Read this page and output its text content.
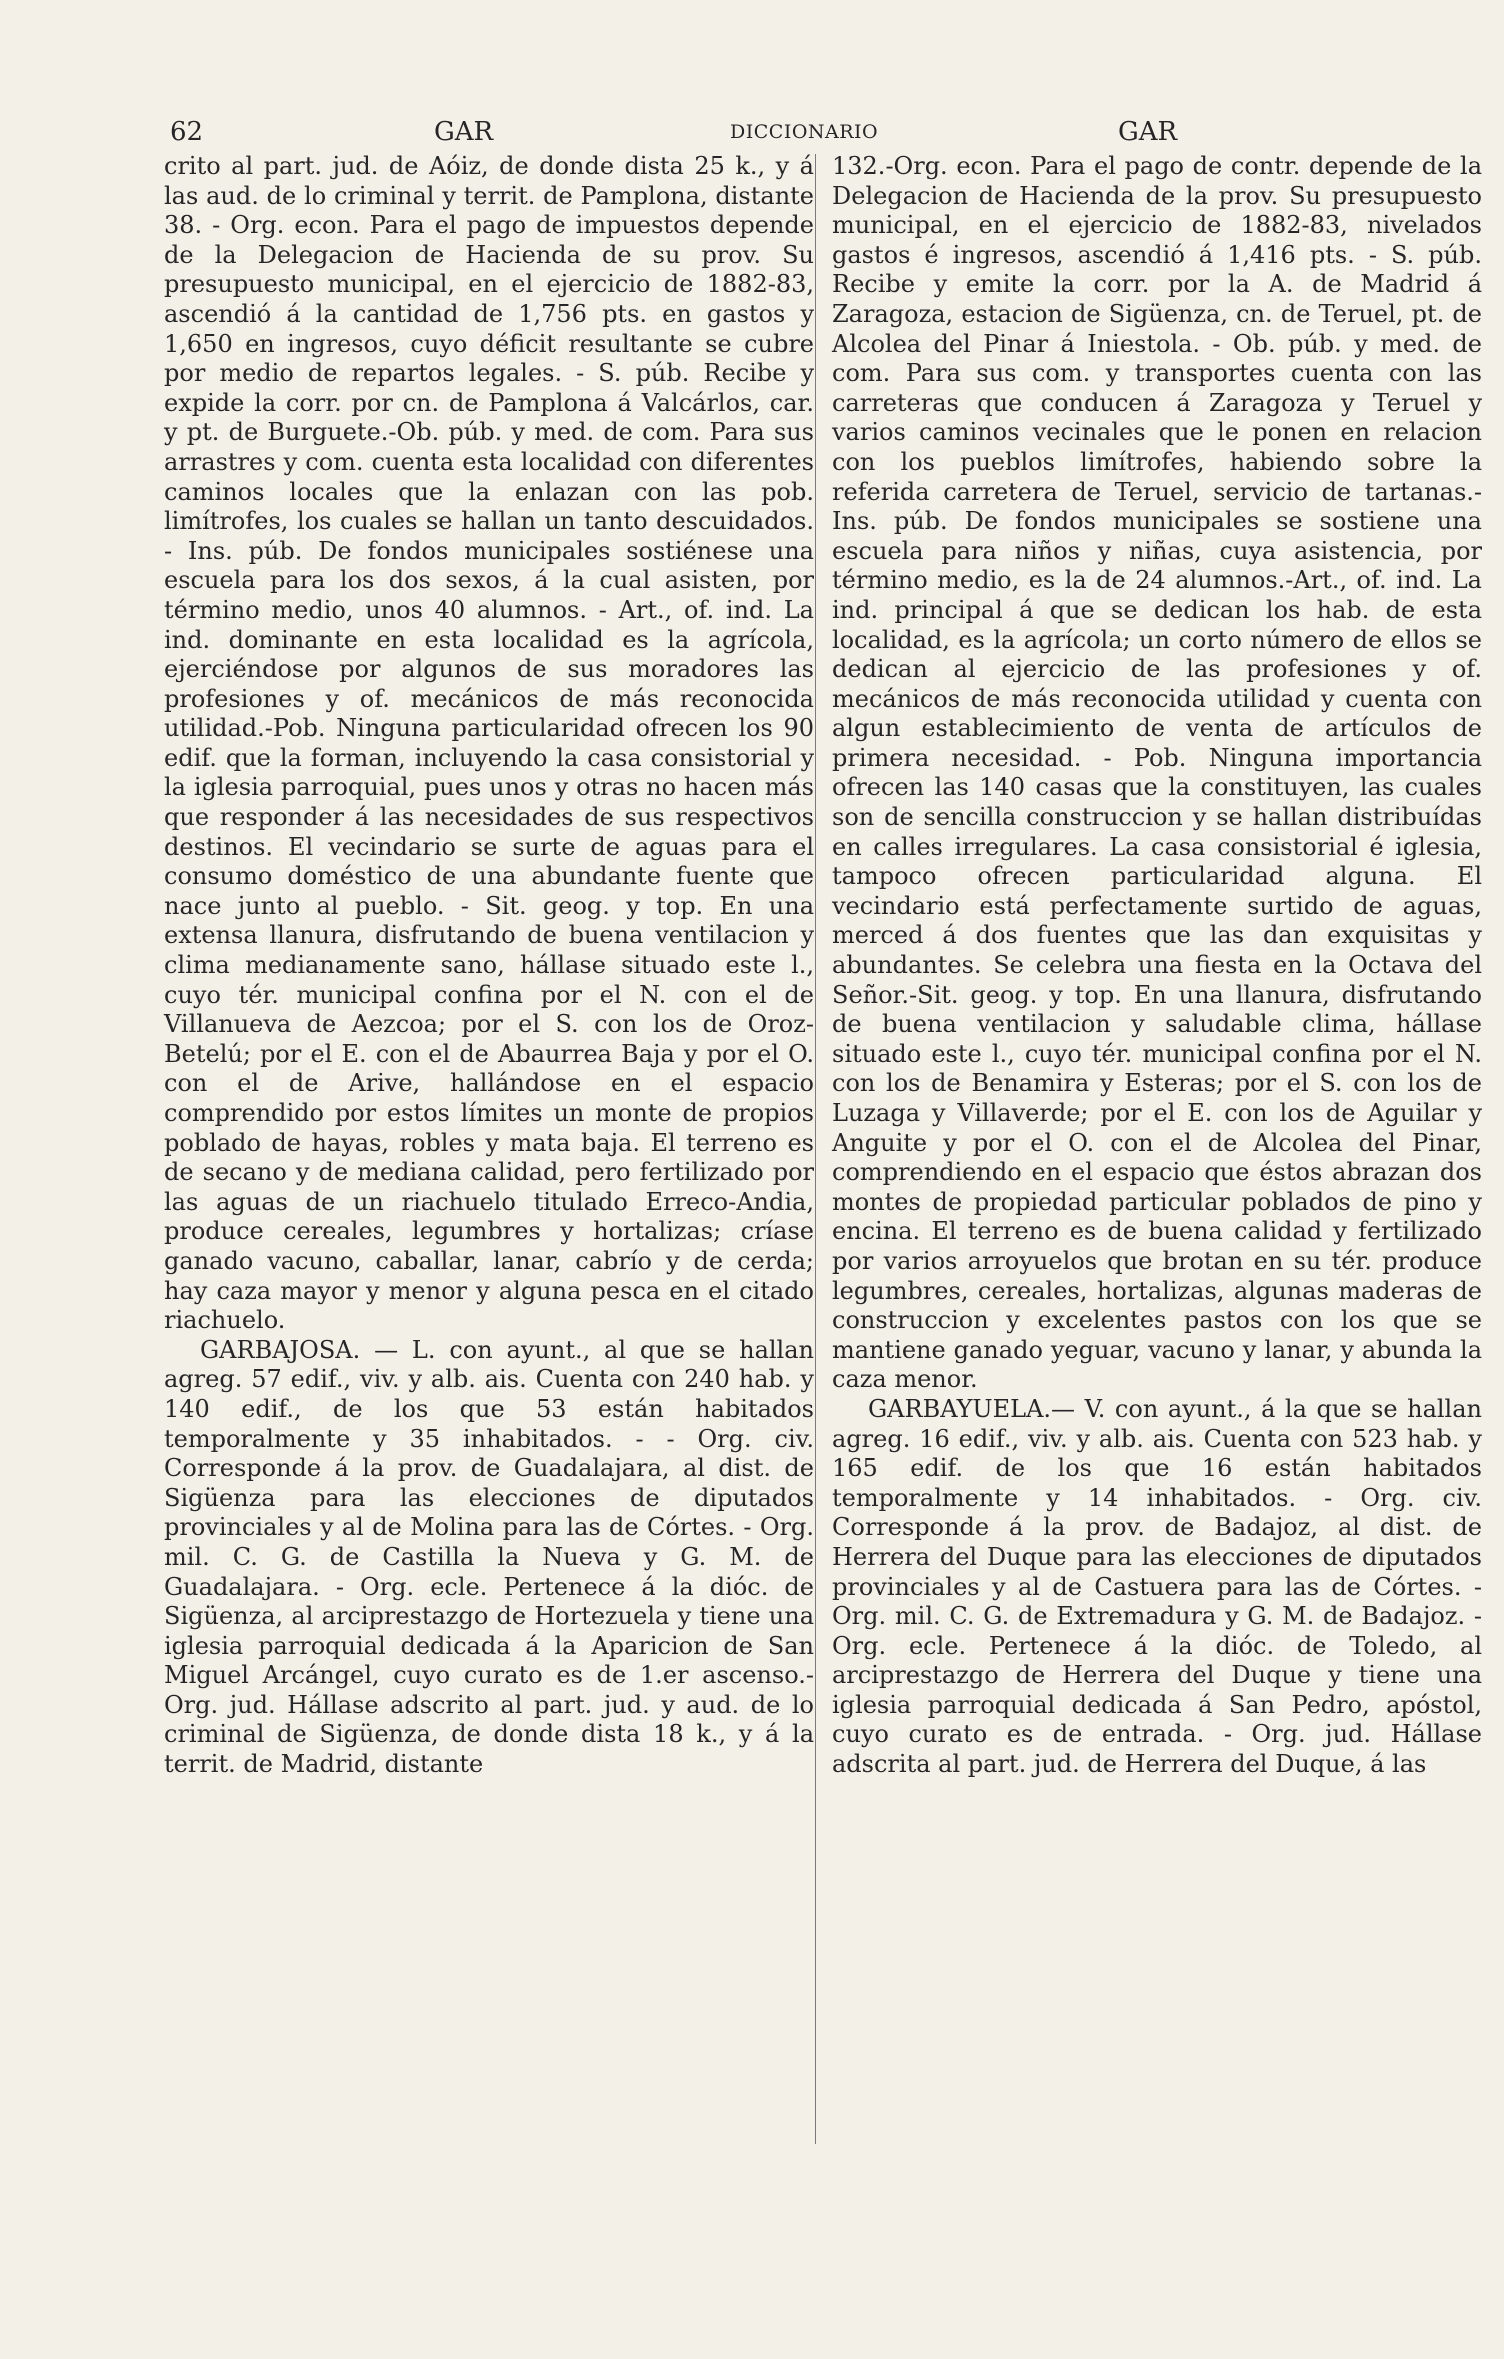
62	GAR	DICCIONARIO	GAR

crito al part. jud. de Aóiz, de donde dista 25 k., y á las aud. de lo criminal y territ. de Pamplona, distante 38. - Org. econ. Para el pago de impuestos depende de la Delegacion de Hacienda de su prov. Su presupuesto municipal, en el ejercicio de 1882-83, ascendió á la cantidad de 1,756 pts. en gastos y 1,650 en ingresos, cuyo déficit resultante se cubre por medio de repartos legales. - S. púb. Recibe y expide la corr. por cn. de Pamplona á Valcárlos, car. y pt. de Burguete.-Ob. púb. y med. de com. Para sus arrastres y com. cuenta esta localidad con diferentes caminos locales que la enlazan con las pob. limítrofes, los cuales se hallan un tanto descuidados. - Ins. púb. De fondos municipales sostiénese una escuela para los dos sexos, á la cual asisten, por término medio, unos 40 alumnos. - Art., of. ind. La ind. dominante en esta localidad es la agrícola, ejerciéndose por algunos de sus moradores las profesiones y of. mecánicos de más reconocida utilidad.-Pob. Ninguna particularidad ofrecen los 90 edif. que la forman, incluyendo la casa consistorial y la iglesia parroquial, pues unos y otras no hacen más que responder á las necesidades de sus respectivos destinos. El vecindario se surte de aguas para el consumo doméstico de una abundante fuente que nace junto al pueblo. - Sit. geog. y top. En una extensa llanura, disfrutando de buena ventilacion y clima medianamente sano, hállase situado este l., cuyo tér. municipal confina por el N. con el de Villanueva de Aezcoa; por el S. con los de Oroz-Betelú; por el E. con el de Abaurrea Baja y por el O. con el de Arive, hallándose en el espacio comprendido por estos límites un monte de propios poblado de hayas, robles y mata baja. El terreno es de secano y de mediana calidad, pero fertilizado por las aguas de un riachuelo titulado Erreco-Andia, produce cereales, legumbres y hortalizas; críase ganado vacuno, caballar, lanar, cabrío y de cerda; hay caza mayor y menor y alguna pesca en el citado riachuelo.

GARBAJOSA. — L. con ayunt., al que se hallan agreg. 57 edif., viv. y alb. ais. Cuenta con 240 hab. y 140 edif., de los que 53 están habitados temporalmente y 35 inhabitados. - - Org. civ. Corresponde á la prov. de Guadalajara, al dist. de Sigüenza para las elecciones de diputados provinciales y al de Molina para las de Córtes. - Org. mil. C. G. de Castilla la Nueva y G. M. de Guadalajara. - Org. ecle. Pertenece á la dióc. de Sigüenza, al arciprestazgo de Hortezuela y tiene una iglesia parroquial dedicada á la Aparicion de San Miguel Arcángel, cuyo curato es de 1.er ascenso.-Org. jud. Hállase adscrito al part. jud. y aud. de lo criminal de Sigüenza, de donde dista 18 k., y á la territ. de Madrid, distante

132.-Org. econ. Para el pago de contr. depende de la Delegacion de Hacienda de la prov. Su presupuesto municipal, en el ejercicio de 1882-83, nivelados gastos é ingresos, ascendió á 1,416 pts. - S. púb. Recibe y emite la corr. por la A. de Madrid á Zaragoza, estacion de Sigüenza, cn. de Teruel, pt. de Alcolea del Pinar á Iniestola. - Ob. púb. y med. de com. Para sus com. y transportes cuenta con las carreteras que conducen á Zaragoza y Teruel y varios caminos vecinales que le ponen en relacion con los pueblos limítrofes, habiendo sobre la referida carretera de Teruel, servicio de tartanas.-Ins. púb. De fondos municipales se sostiene una escuela para niños y niñas, cuya asistencia, por término medio, es la de 24 alumnos.-Art., of. ind. La ind. principal á que se dedican los hab. de esta localidad, es la agrícola; un corto número de ellos se dedican al ejercicio de las profesiones y of. mecánicos de más reconocida utilidad y cuenta con algun establecimiento de venta de artículos de primera necesidad. - Pob. Ninguna importancia ofrecen las 140 casas que la constituyen, las cuales son de sencilla construccion y se hallan distribuídas en calles irregulares. La casa consistorial é iglesia, tampoco ofrecen particularidad alguna. El vecindario está perfectamente surtido de aguas, merced á dos fuentes que las dan exquisitas y abundantes. Se celebra una fiesta en la Octava del Señor.-Sit. geog. y top. En una llanura, disfrutando de buena ventilacion y saludable clima, hállase situado este l., cuyo tér. municipal confina por el N. con los de Benamira y Esteras; por el S. con los de Luzaga y Villaverde; por el E. con los de Aguilar y Anguite y por el O. con el de Alcolea del Pinar, comprendiendo en el espacio que éstos abrazan dos montes de propiedad particular poblados de pino y encina. El terreno es de buena calidad y fertilizado por varios arroyuelos que brotan en su tér. produce legumbres, cereales, hortalizas, algunas maderas de construccion y excelentes pastos con los que se mantiene ganado yeguar, vacuno y lanar, y abunda la caza menor.

GARBAYUELA.— V. con ayunt., á la que se hallan agreg. 16 edif., viv. y alb. ais. Cuenta con 523 hab. y 165 edif. de los que 16 están habitados temporalmente y 14 inhabitados. - Org. civ. Corresponde á la prov. de Badajoz, al dist. de Herrera del Duque para las elecciones de diputados provinciales y al de Castuera para las de Córtes. -Org. mil. C. G. de Extremadura y G. M. de Badajoz. -Org. ecle. Pertenece á la dióc. de Toledo, al arciprestazgo de Herrera del Duque y tiene una iglesia parroquial dedicada á San Pedro, apóstol, cuyo curato es de entrada. - Org. jud. Hállase adscrita al part. jud. de Herrera del Duque, á las
